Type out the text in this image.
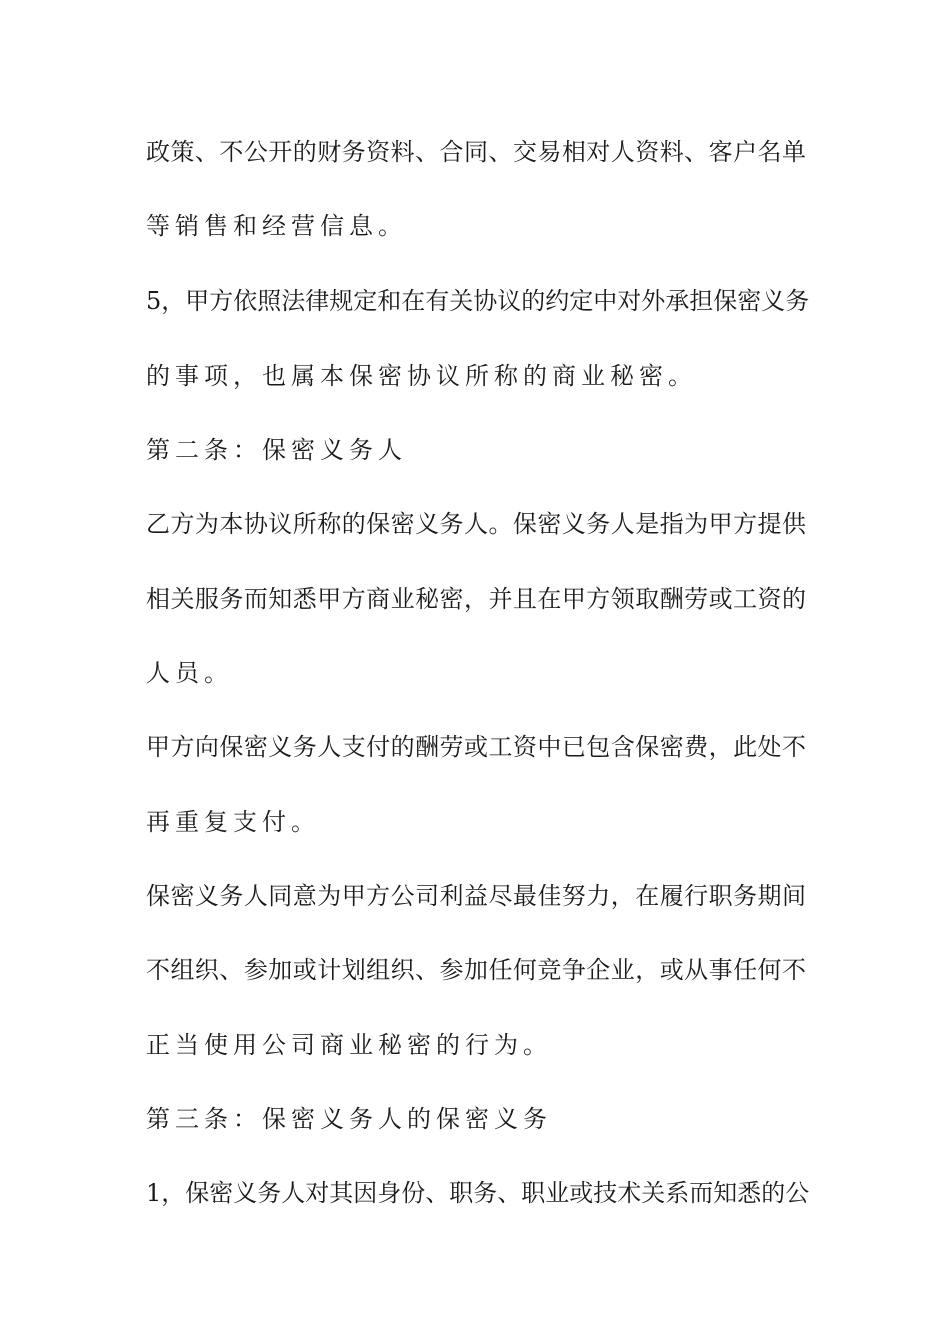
政策、不公开的财务资料、合同、交易相对人资料、客户名单
等销售和经营信息。
5，甲方依照法律规定和在有关协议的约定中对外承担保密义务
的事项，也属本保密协议所称的商业秘密。
第二条：保密义务人
乙方为本协议所称的保密义务人。保密义务人是指为甲方提供
相关服务而知悉甲方商业秘密，并且在甲方领取酬劳或工资的
人员。
甲方向保密义务人支付的酬劳或工资中已包含保密费，此处不
再重复支付。
保密义务人同意为甲方公司利益尽最佳努力，在履行职务期间
不组织、参加或计划组织、参加任何竞争企业，或从事任何不
正当使用公司商业秘密的行为。
第三条：保密义务人的保密义务
1，保密义务人对其因身份、职务、职业或技术关系而知悉的公
